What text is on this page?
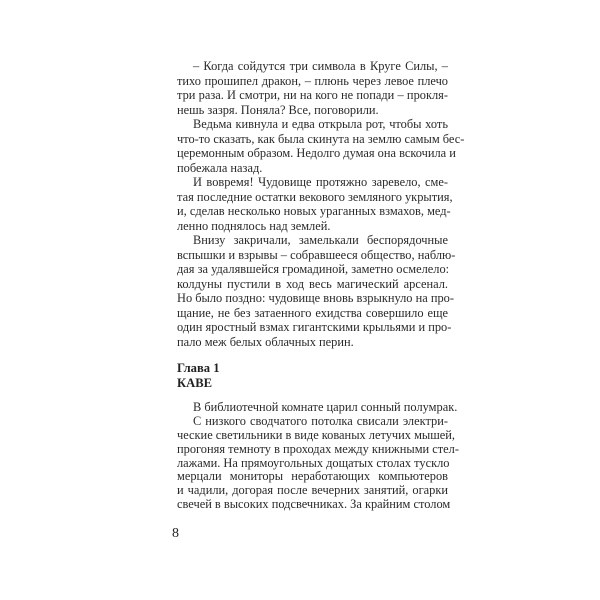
– Когда сойдутся три символа в Круге Силы, –
тихо прошипел дракон, – плюнь через левое плечо
три раза. И смотри, ни на кого не попади – прокля-
нешь зазря. Поняла? Все, поговорили.
Ведьма кивнула и едва открыла рот, чтобы хоть
что-то сказать, как была скинута на землю самым бес-
церемонным образом. Недолго думая она вскочила и
побежала назад.
И вовремя! Чудовище протяжно заревело, сме-
тая последние остатки векового земляного укрытия,
и, сделав несколько новых ураганных взмахов, мед-
ленно поднялось над землей.
Внизу закричали, замелькали беспорядочные
вспышки и взрывы – собравшееся общество, наблю-
дая за удалявшейся громадиной, заметно осмелело:
колдуны пустили в ход весь магический арсенал.
Но было поздно: чудовище вновь взрыкнуло на про-
щание, не без затаенного ехидства совершило еще
один яростный взмах гигантскими крыльями и про-
пало меж белых облачных перин.
Глава 1
КАВЕ
В библиотечной комнате царил сонный полумрак.
С низкого сводчатого потолка свисали электри-
ческие светильники в виде кованых летучих мышей,
прогоняя темноту в проходах между книжными стел-
лажами. На прямоугольных дощатых столах тускло
мерцали мониторы неработающих компьютеров
и чадили, догорая после вечерних занятий, огарки
свечей в высоких подсвечниках. За крайним столом
8
